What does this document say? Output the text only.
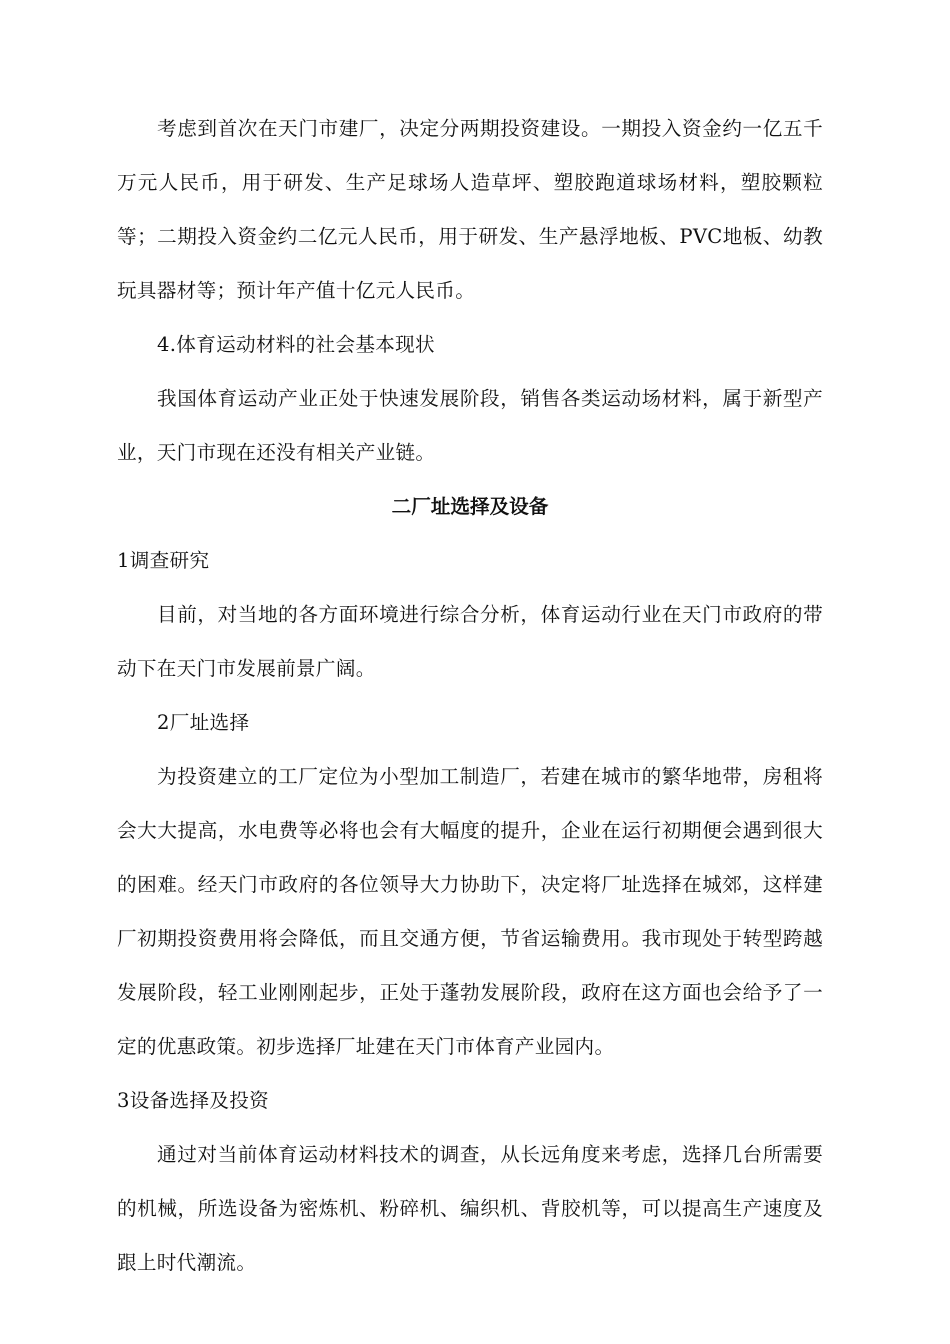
考虑到首次在天门市建厂，决定分两期投资建设。一期投入资金约一亿五千万元人民币，用于研发、生产足球场人造草坪、塑胶跑道球场材料，塑胶颗粒等；二期投入资金约二亿元人民币，用于研发、生产悬浮地板、PVC地板、幼教玩具器材等；预计年产值十亿元人民币。

4.体育运动材料的社会基本现状

我国体育运动产业正处于快速发展阶段，销售各类运动场材料，属于新型产业，天门市现在还没有相关产业链。

二厂址选择及设备

1调查研究

目前，对当地的各方面环境进行综合分析，体育运动行业在天门市政府的带动下在天门市发展前景广阔。

2厂址选择

为投资建立的工厂定位为小型加工制造厂，若建在城市的繁华地带，房租将会大大提高，水电费等必将也会有大幅度的提升，企业在运行初期便会遇到很大的困难。经天门市政府的各位领导大力协助下，决定将厂址选择在城郊，这样建厂初期投资费用将会降低，而且交通方便，节省运输费用。我市现处于转型跨越发展阶段，轻工业刚刚起步，正处于蓬勃发展阶段，政府在这方面也会给予了一定的优惠政策。初步选择厂址建在天门市体育产业园内。

3设备选择及投资

通过对当前体育运动材料技术的调查，从长远角度来考虑，选择几台所需要的机械，所选设备为密炼机、粉碎机、编织机、背胶机等，可以提高生产速度及跟上时代潮流。
